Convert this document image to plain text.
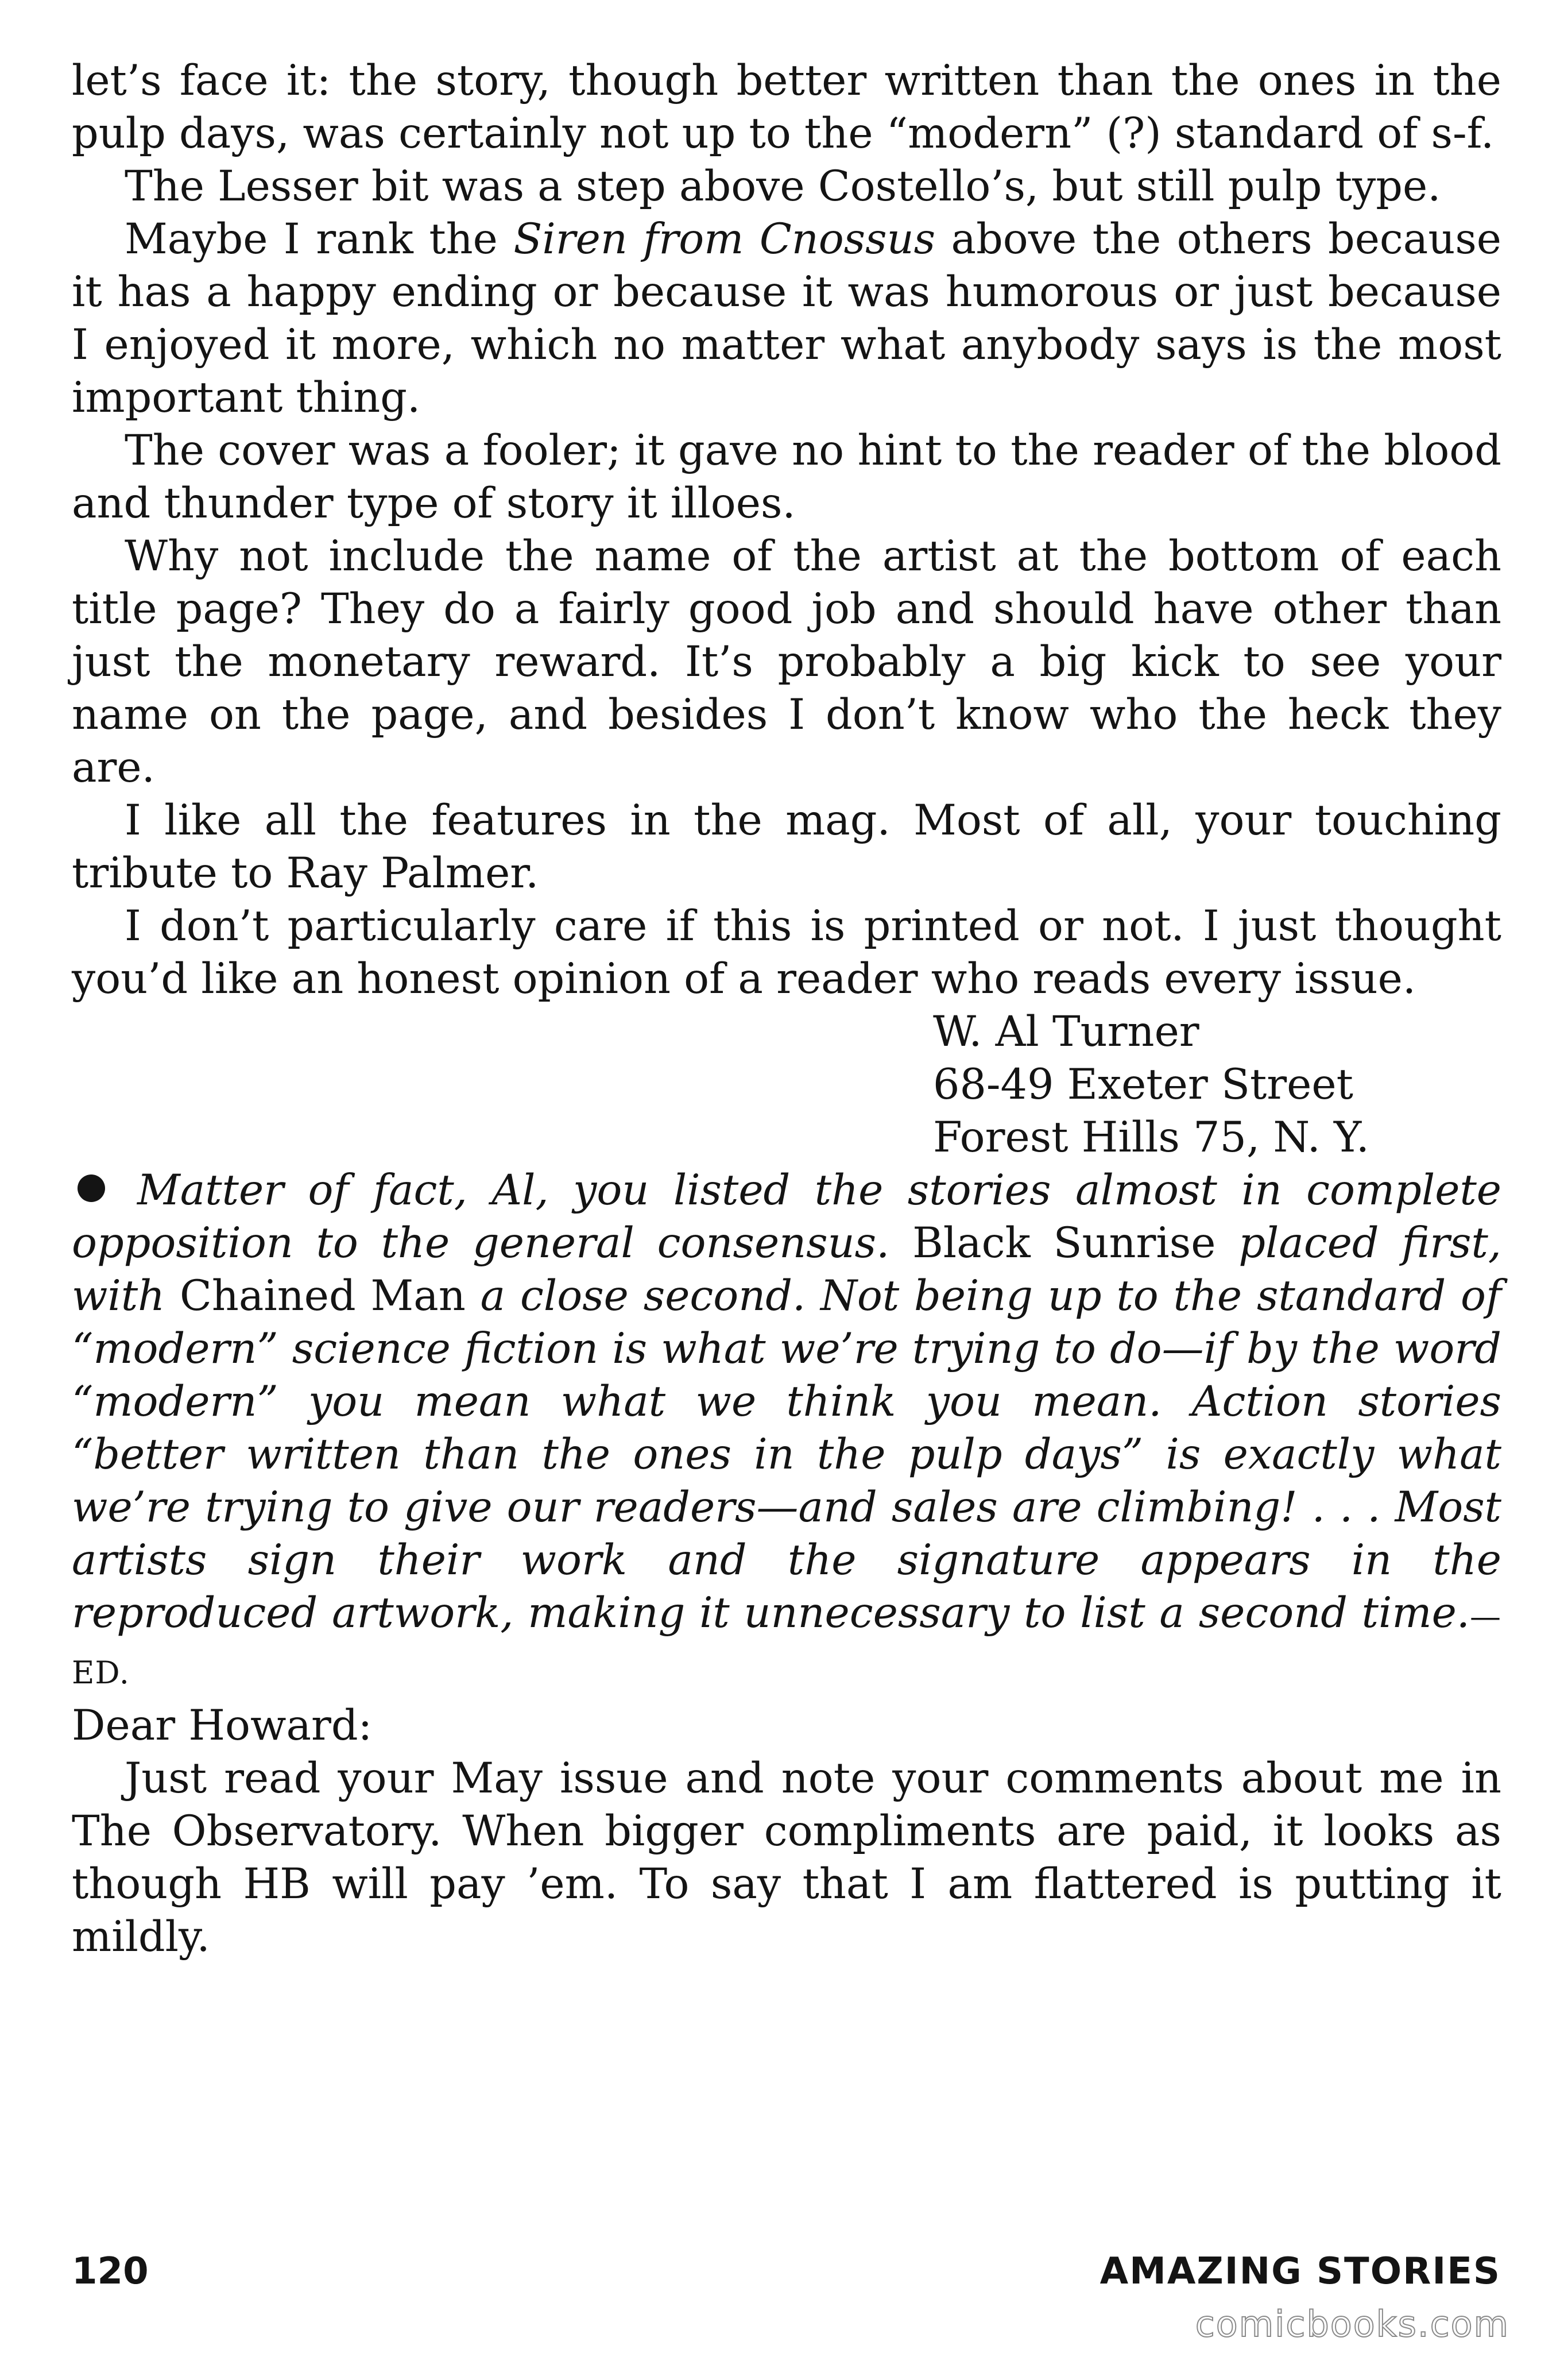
let’s face it: the story, though better written than the ones in the pulp days, was certainly not up to the “modern” (?) standard of s-f.

The Lesser bit was a step above Costello’s, but still pulp type.

Maybe I rank the Siren from Cnossus above the others because it has a happy ending or because it was humorous or just because I enjoyed it more, which no matter what anybody says is the most important thing.

The cover was a fooler; it gave no hint to the reader of the blood and thunder type of story it illoes.

Why not include the name of the artist at the bottom of each title page? They do a fairly good job and should have other than just the monetary reward. It’s probably a big kick to see your name on the page, and besides I don’t know who the heck they are.

I like all the features in the mag. Most of all, your touching tribute to Ray Palmer.

I don’t particularly care if this is printed or not. I just thought you’d like an honest opinion of a reader who reads every issue.

W. Al Turner
68-49 Exeter Street
Forest Hills 75, N. Y.

Matter of fact, Al, you listed the stories almost in complete opposition to the general consensus. Black Sunrise placed first, with Chained Man a close second. Not being up to the standard of “modern” science fiction is what we’re trying to do—if by the word “modern” you mean what we think you mean. Action stories “better written than the ones in the pulp days” is exactly what we’re trying to give our readers—and sales are climbing! . . . Most artists sign their work and the signature appears in the reproduced artwork, making it unnecessary to list a second time.—ED.

Dear Howard:

Just read your May issue and note your comments about me in The Observatory. When bigger compliments are paid, it looks as though HB will pay ’em. To say that I am flattered is putting it mildly.

120	AMAZING STORIES
comicbooks.com
